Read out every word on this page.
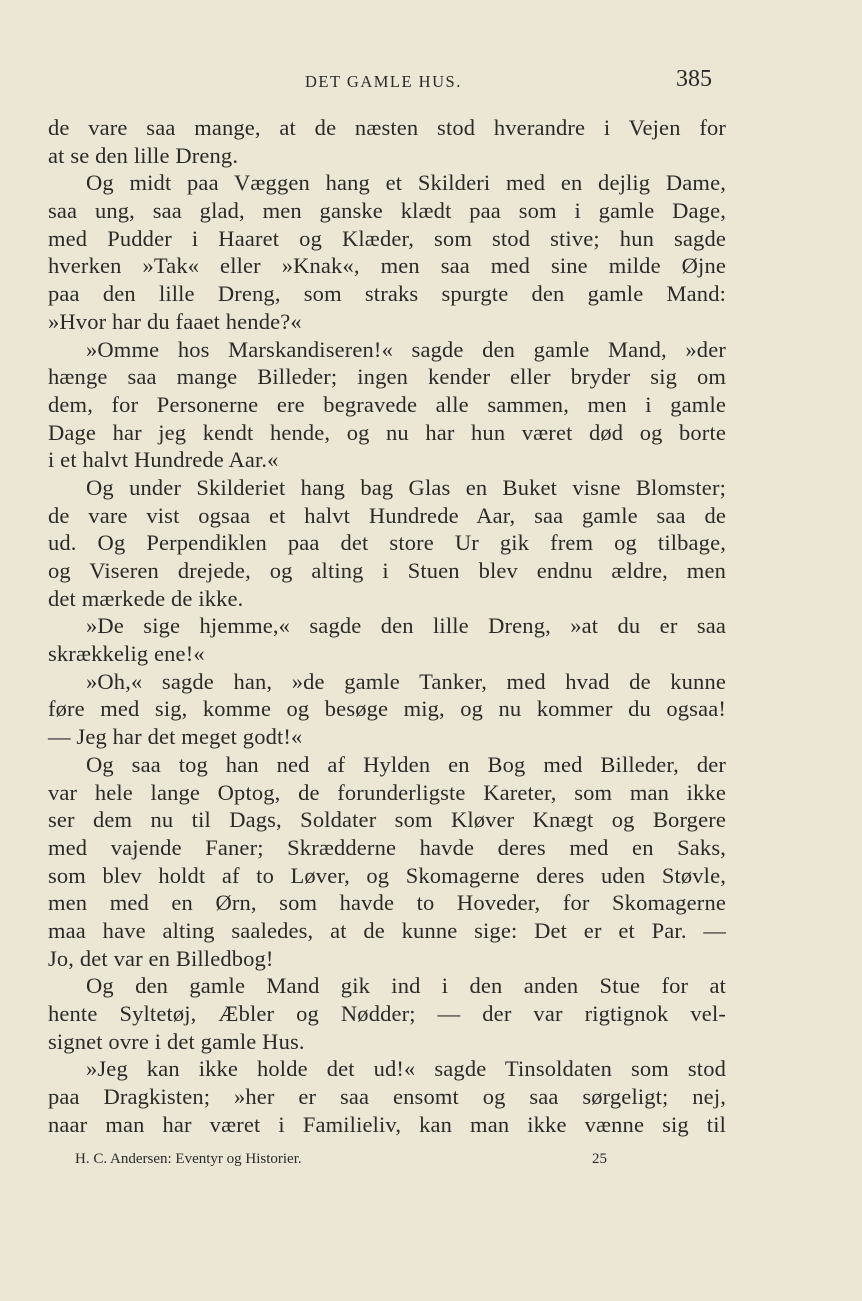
DET GAMLE HUS.	385
de vare saa mange, at de næsten stod hverandre i Vejen for
at se den lille Dreng.
Og midt paa Væggen hang et Skilderi med en dejlig Dame,
saa ung, saa glad, men ganske klædt paa som i gamle Dage,
med Pudder i Haaret og Klæder, som stod stive; hun sagde
hverken »Tak« eller »Knak«, men saa med sine milde Øjne
paa den lille Dreng, som straks spurgte den gamle Mand:
»Hvor har du faaet hende?«
»Omme hos Marskandiseren!« sagde den gamle Mand, »der
hænge saa mange Billeder; ingen kender eller bryder sig om
dem, for Personerne ere begravede alle sammen, men i gamle
Dage har jeg kendt hende, og nu har hun været død og borte
i et halvt Hundrede Aar.«
Og under Skilderiet hang bag Glas en Buket visne Blomster;
de vare vist ogsaa et halvt Hundrede Aar, saa gamle saa de
ud. Og Perpendiklen paa det store Ur gik frem og tilbage,
og Viseren drejede, og alting i Stuen blev endnu ældre, men
det mærkede de ikke.
»De sige hjemme,« sagde den lille Dreng, »at du er saa
skrækkelig ene!«
»Oh,« sagde han, »de gamle Tanker, med hvad de kunne
føre med sig, komme og besøge mig, og nu kommer du ogsaa!
— Jeg har det meget godt!«
Og saa tog han ned af Hylden en Bog med Billeder, der
var hele lange Optog, de forunderligste Kareter, som man ikke
ser dem nu til Dags, Soldater som Kløver Knægt og Borgere
med vajende Faner; Skrædderne havde deres med en Saks,
som blev holdt af to Løver, og Skomagerne deres uden Støvle,
men med en Ørn, som havde to Hoveder, for Skomagerne
maa have alting saaledes, at de kunne sige: Det er et Par. —
Jo, det var en Billedbog!
Og den gamle Mand gik ind i den anden Stue for at
hente Syltetøj, Æbler og Nødder; — der var rigtignok vel-
signet ovre i det gamle Hus.
»Jeg kan ikke holde det ud!« sagde Tinsoldaten som stod
paa Dragkisten; »her er saa ensomt og saa sørgeligt; nej,
naar man har været i Familieliv, kan man ikke vænne sig til
H. C. Andersen: Eventyr og Historier.	25
